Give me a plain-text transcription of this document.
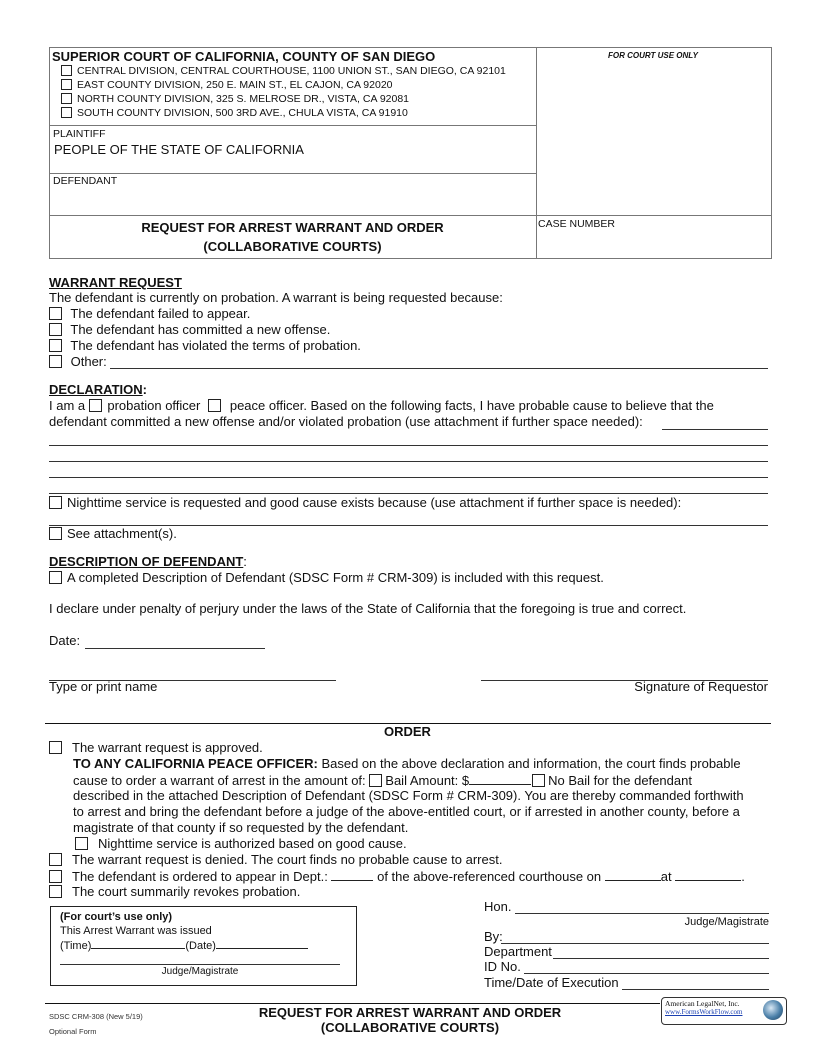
SUPERIOR COURT OF CALIFORNIA, COUNTY OF SAN DIEGO
CENTRAL DIVISION, CENTRAL COURTHOUSE, 1100 UNION ST., SAN DIEGO, CA 92101
EAST COUNTY DIVISION, 250 E. MAIN ST., EL CAJON, CA 92020
NORTH COUNTY DIVISION, 325 S. MELROSE DR., VISTA, CA 92081
SOUTH COUNTY DIVISION, 500 3RD AVE., CHULA VISTA, CA 91910
FOR COURT USE ONLY
PLAINTIFF
PEOPLE OF THE STATE OF CALIFORNIA
DEFENDANT
REQUEST FOR ARREST WARRANT AND ORDER
(COLLABORATIVE COURTS)
CASE NUMBER
WARRANT REQUEST
The defendant is currently on probation. A warrant is being requested because:
The defendant failed to appear.
The defendant has committed a new offense.
The defendant has violated the terms of probation.
Other:
DECLARATION:
I am a probation officer peace officer. Based on the following facts, I have probable cause to believe that the
defendant committed a new offense and/or violated probation (use attachment if further space needed):
Nighttime service is requested and good cause exists because (use attachment if further space is needed):
See attachment(s).
DESCRIPTION OF DEFENDANT:
A completed Description of Defendant (SDSC Form # CRM-309) is included with this request.
I declare under penalty of perjury under the laws of the State of California that the foregoing is true and correct.
Date:
Type or print name	Signature of Requestor
ORDER
The warrant request is approved.
TO ANY CALIFORNIA PEACE OFFICER: Based on the above declaration and information, the court finds probable
cause to order a warrant of arrest in the amount of: Bail Amount: $	No Bail for the defendant
described in the attached Description of Defendant (SDSC Form # CRM-309). You are thereby commanded forthwith
to arrest and bring the defendant before a judge of the above-entitled court, or if arrested in another county, before a
magistrate of that county if so requested by the defendant.
Nighttime service is authorized based on good cause.
The warrant request is denied. The court finds no probable cause to arrest.
The defendant is ordered to appear in Dept.:	of the above-referenced courthouse on	at	.
The court summarily revokes probation.
(For court’s use only)
This Arrest Warrant was issued
(Time)	(Date)
Judge/Magistrate
Hon.
Judge/Magistrate
By:
Department
ID No.
Time/Date of Execution
SDSC CRM-308 (New 5/19)
Optional Form
REQUEST FOR ARREST WARRANT AND ORDER
(COLLABORATIVE COURTS)
American LegalNet, Inc.
www.FormsWorkFlow.com
